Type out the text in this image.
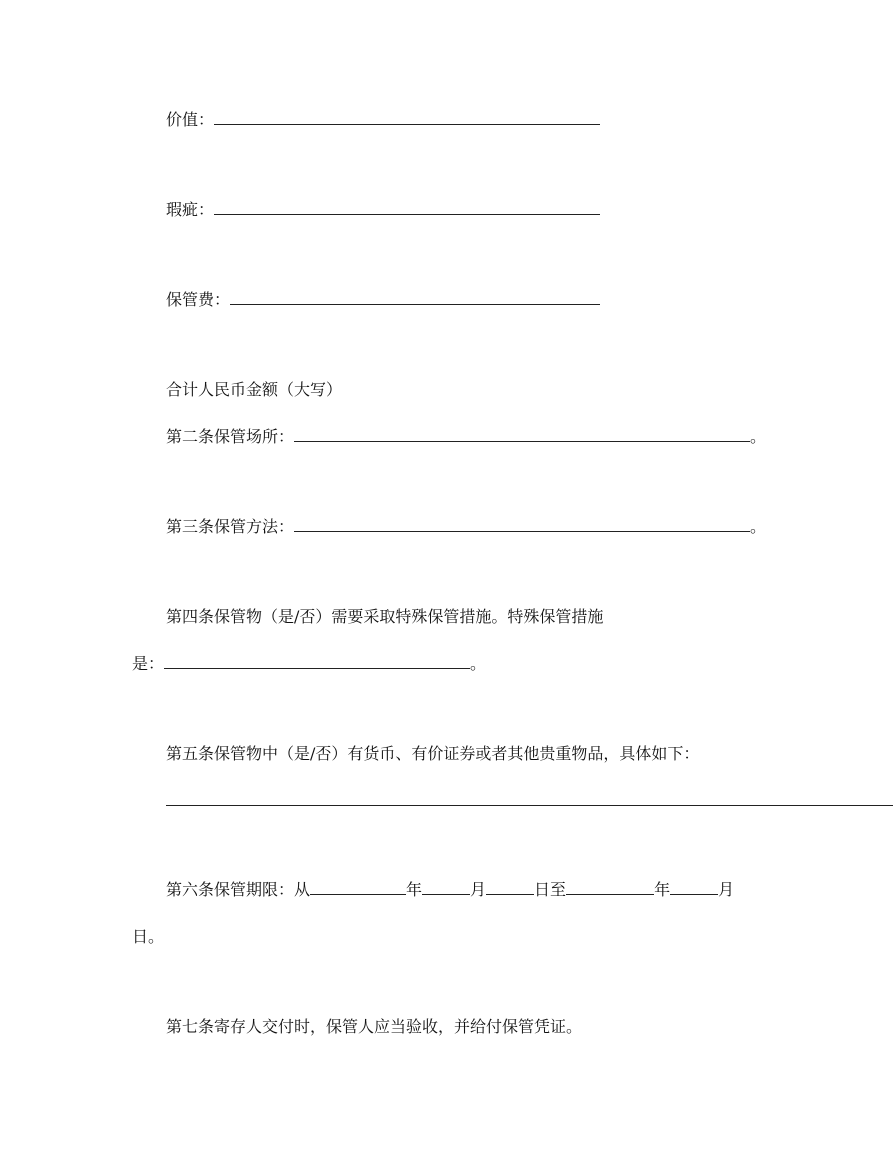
价值：
瑕疵：
保管费：
合计人民币金额（大写）
第二条保管场所：	。
第三条保管方法：	。
第四条保管物（是/否）需要采取特殊保管措施。特殊保管措施
是：	。
第五条保管物中（是/否）有货币、有价证券或者其他贵重物品，具体如下：
第六条保管期限：从	年	月	日至	年	月
日。
第七条寄存人交付时，保管人应当验收，并给付保管凭证。
